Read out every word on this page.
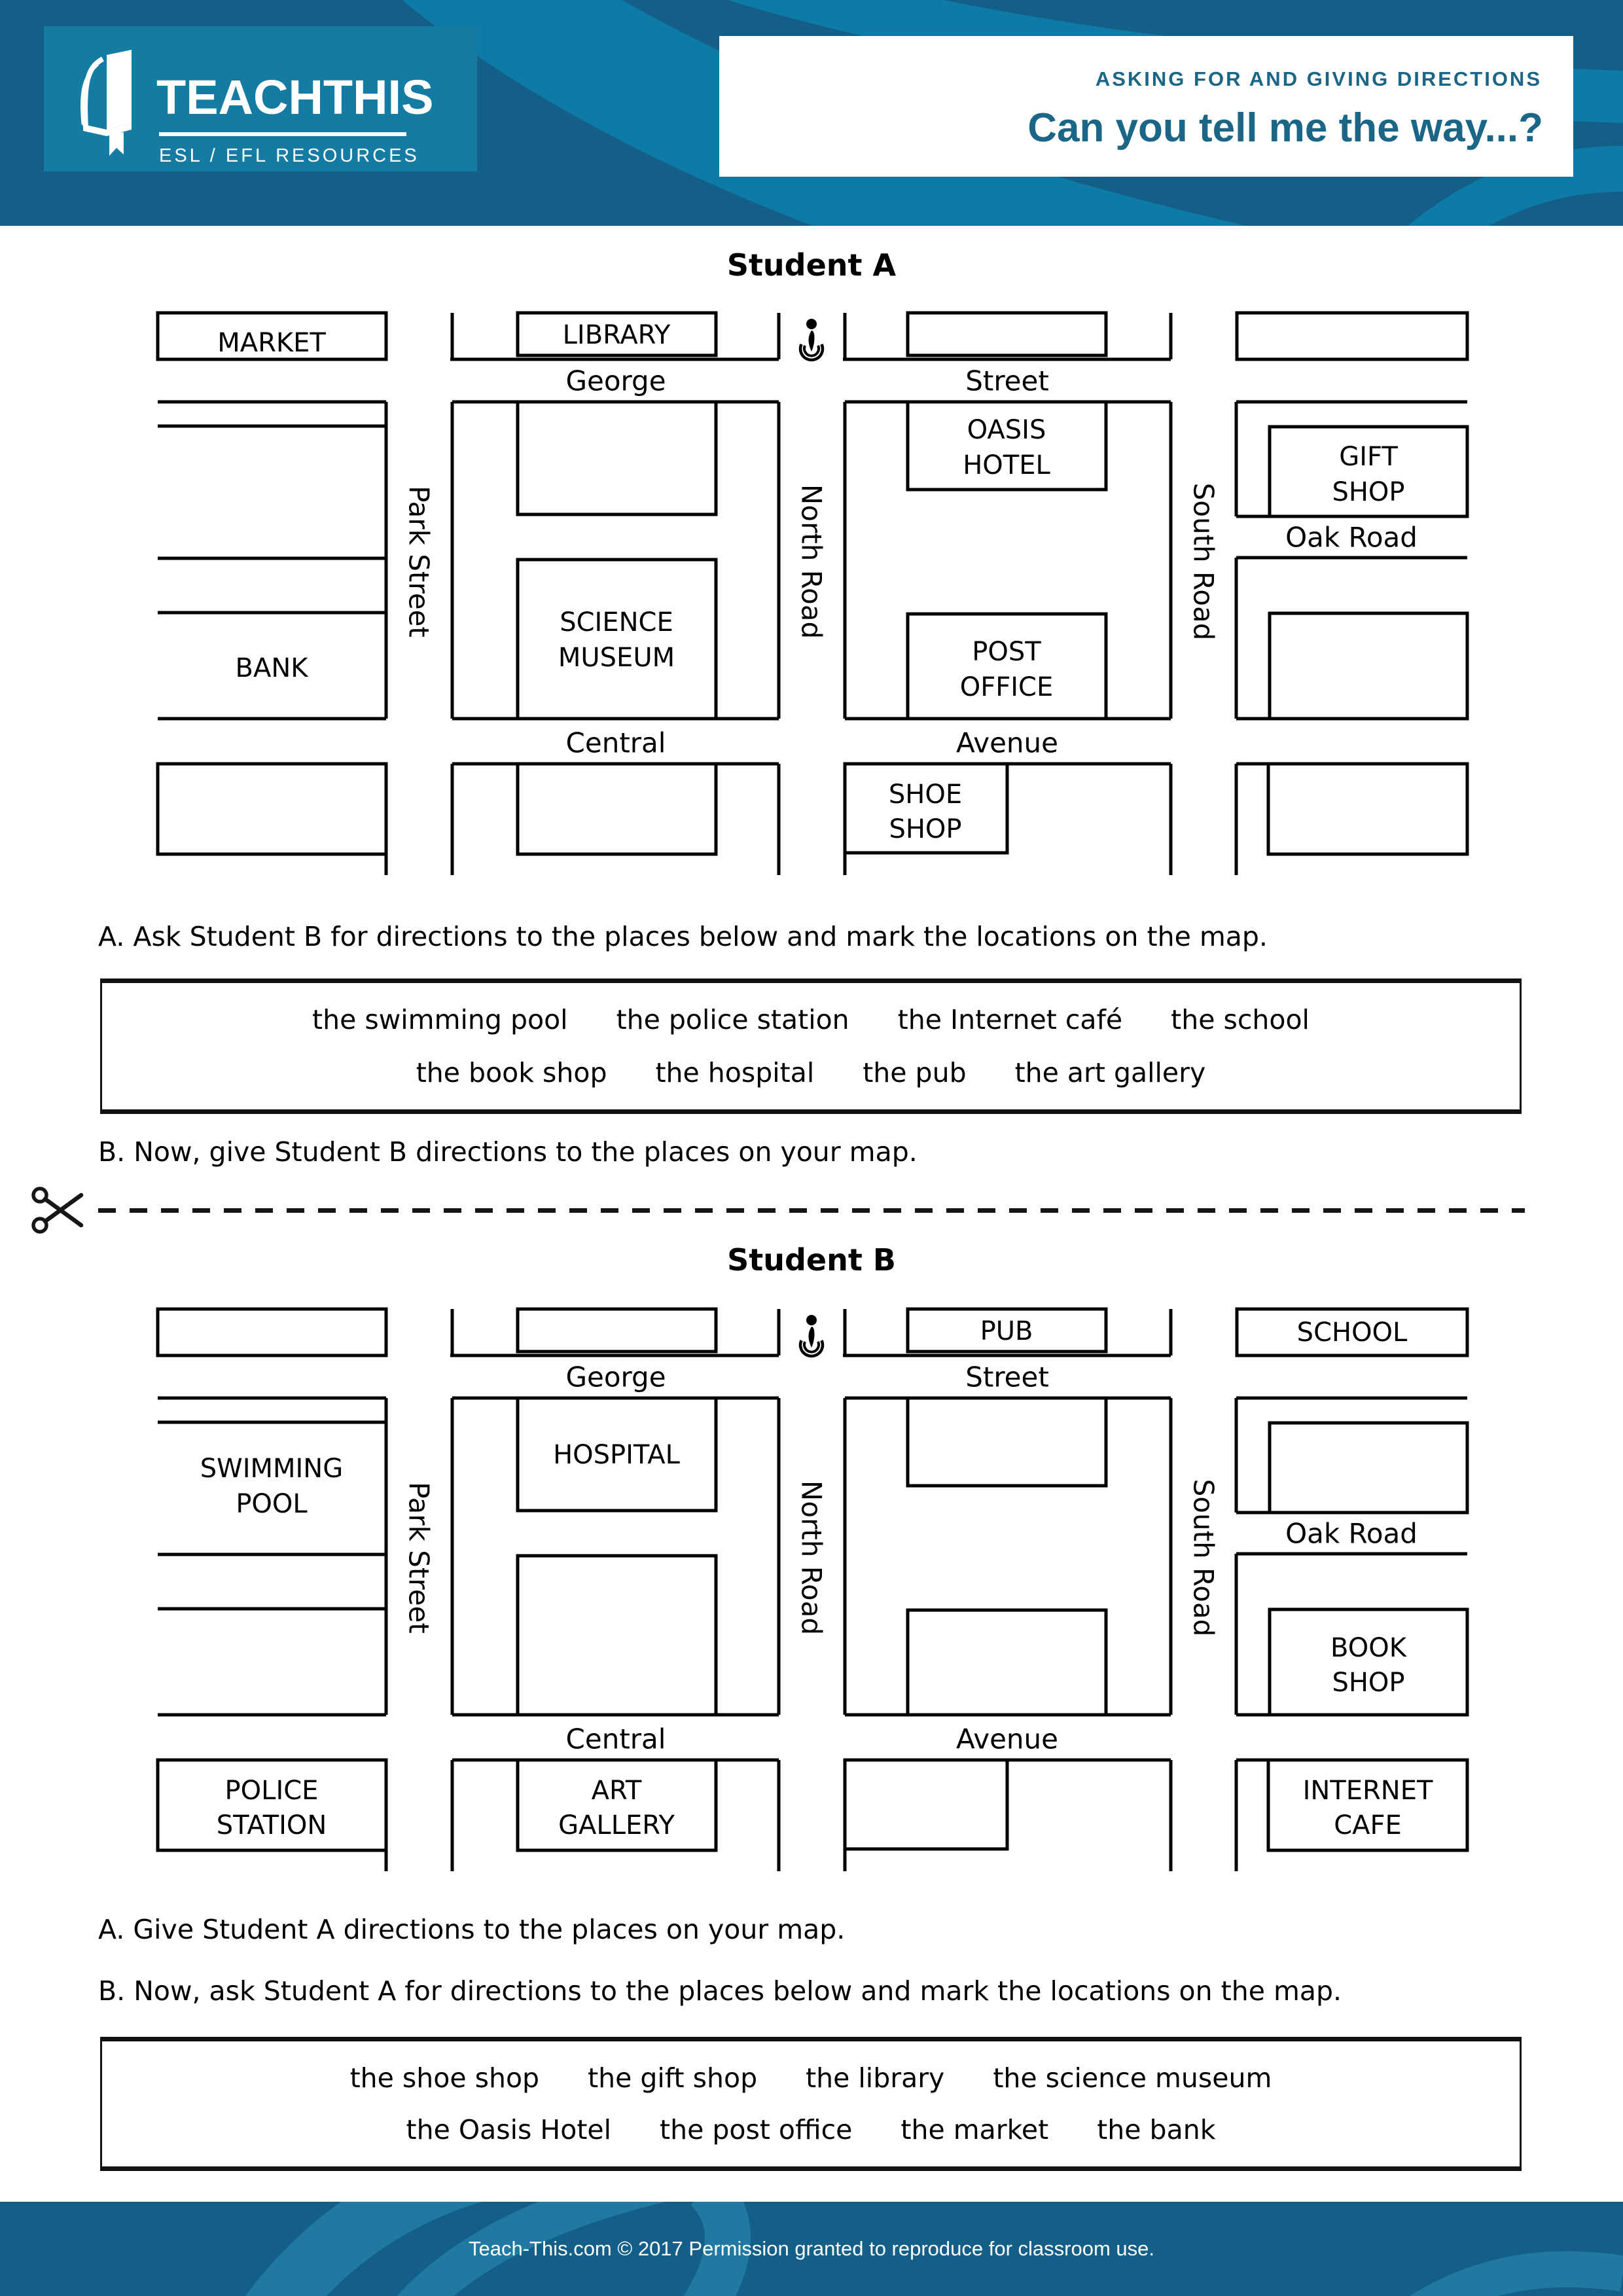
TEACHTHIS
ESL / EFL RESOURCES
ASKING FOR AND GIVING DIRECTIONS
Can you tell me the way...?
Student A
MARKET	LIBRARY
George	Street
Park Street	North Road	South Road
OASIS
HOTEL	GIFT
SHOP
Oak Road
SCIENCE
MUSEUM
BANK
POST
OFFICE
Central	Avenue
SHOE
SHOP
A. Ask Student B for directions to the places below and mark the locations on the map.
the swimming pool the police station the Internet café the school
the book shop the hospital the pub the art gallery
B. Now, give Student B directions to the places on your map.
Student B
PUB	SCHOOL
George	Street
Park Street	North Road	South Road
SWIMMING
POOL
HOSPITAL
Oak Road
BOOK
SHOP
Central	Avenue
POLICE
STATION
ART
GALLERY
INTERNET
CAFE
A. Give Student A directions to the places on your map.
B. Now, ask Student A for directions to the places below and mark the locations on the map.
the shoe shop the gift shop the library the science museum
the Oasis Hotel the post office the market the bank
Teach-This.com © 2017 Permission granted to reproduce for classroom use.
